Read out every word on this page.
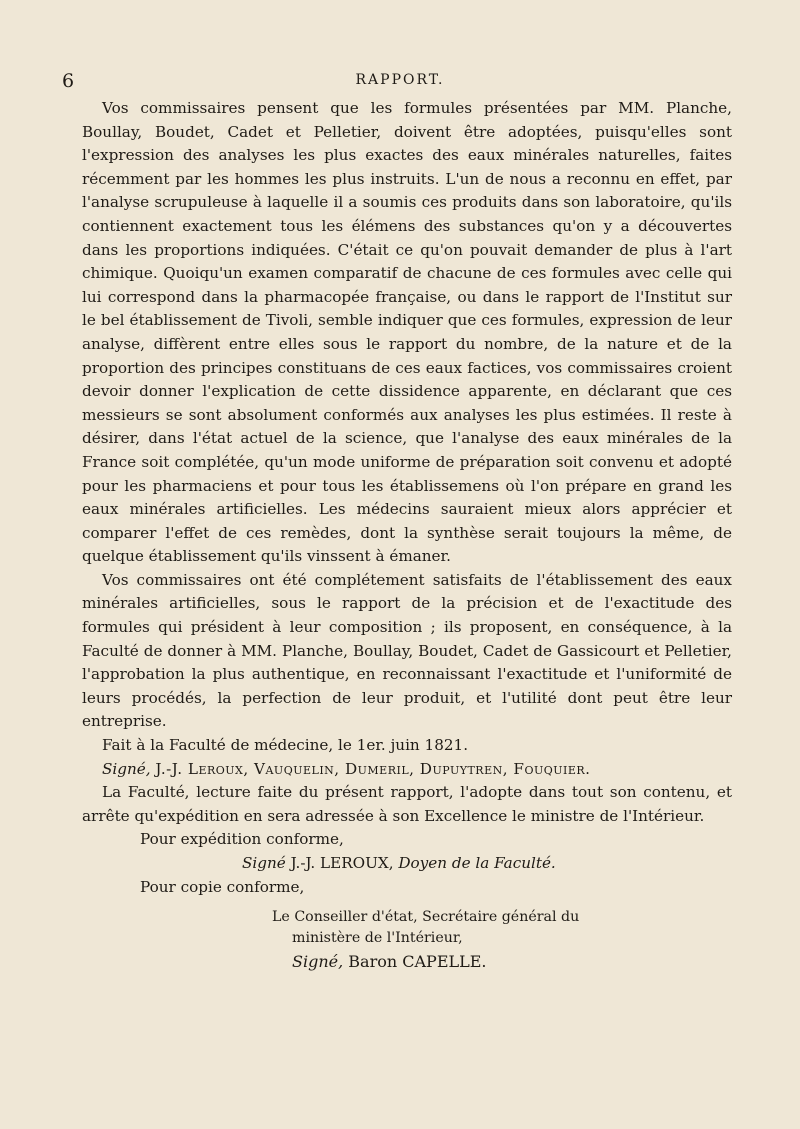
6	RAPPORT.

Vos commissaires pensent que les formules présentées par MM. Planche, Boullay, Boudet, Cadet et Pelletier, doivent être adoptées, puisqu'elles sont l'expression des analyses les plus exactes des eaux minérales naturelles, faites récemment par les hommes les plus instruits. L'un de nous a reconnu en effet, par l'analyse scrupuleuse à laquelle il a soumis ces produits dans son laboratoire, qu'ils contiennent exactement tous les élémens des substances qu'on y a découvertes dans les proportions indiquées. C'était ce qu'on pouvait demander de plus à l'art chimique. Quoiqu'un examen comparatif de chacune de ces formules avec celle qui lui correspond dans la pharmacopée française, ou dans le rapport de l'Institut sur le bel établissement de Tivoli, semble indiquer que ces formules, expression de leur analyse, diffèrent entre elles sous le rapport du nombre, de la nature et de la proportion des principes constituans de ces eaux factices, vos commissaires croient devoir donner l'explication de cette dissidence apparente, en déclarant que ces messieurs se sont absolument conformés aux analyses les plus estimées. Il reste à désirer, dans l'état actuel de la science, que l'analyse des eaux minérales de la France soit complétée, qu'un mode uniforme de préparation soit convenu et adopté pour les pharmaciens et pour tous les établissemens où l'on prépare en grand les eaux minérales artificielles. Les médecins sauraient mieux alors apprécier et comparer l'effet de ces remèdes, dont la synthèse serait toujours la même, de quelque établissement qu'ils vinssent à émaner.

Vos commissaires ont été complétement satisfaits de l'établissement des eaux minérales artificielles, sous le rapport de la précision et de l'exactitude des formules qui président à leur composition ; ils proposent, en conséquence, à la Faculté de donner à MM. Planche, Boullay, Boudet, Cadet de Gassicourt et Pelletier, l'approbation la plus authentique, en reconnaissant l'exactitude et l'uniformité de leurs procédés, la perfection de leur produit, et l'utilité dont peut être leur entreprise.

Fait à la Faculté de médecine, le 1er. juin 1821.

Signé, J.-J. Leroux, Vauquelin, Dumeril, Dupuytren, Fouquier.

La Faculté, lecture faite du présent rapport, l'adopte dans tout son contenu, et arrête qu'expédition en sera adressée à son Excellence le ministre de l'Intérieur.

Pour expédition conforme,

Signé J.-J. LEROUX, Doyen de la Faculté.

Pour copie conforme,

Le Conseiller d'état, Secrétaire général du
ministère de l'Intérieur,
Signé, Baron CAPELLE.
